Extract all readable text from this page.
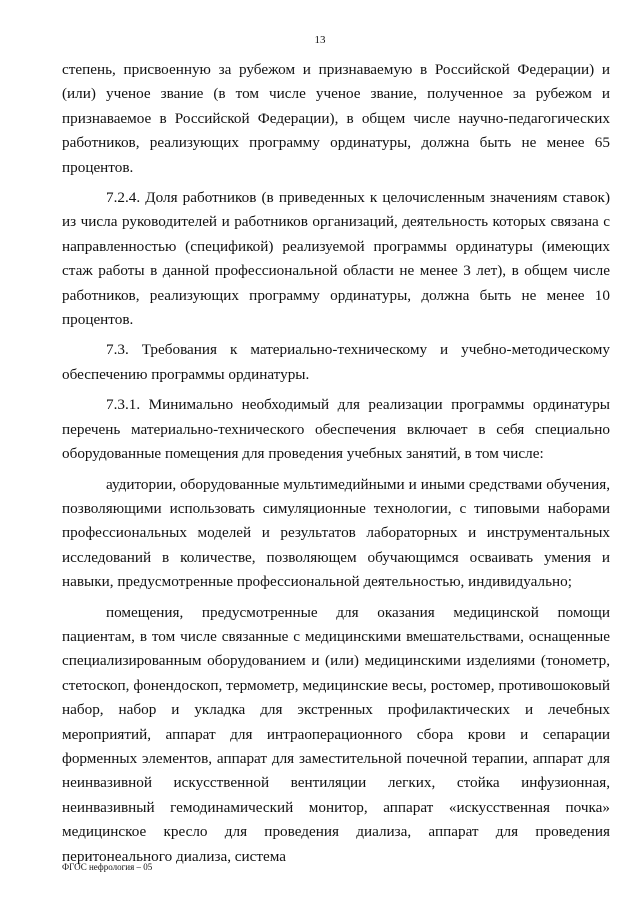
13

степень, присвоенную за рубежом и признаваемую в Российской Федерации) и (или) ученое звание (в том числе ученое звание, полученное за рубежом и признаваемое в Российской Федерации), в общем числе научно-педагогических работников, реализующих программу ординатуры, должна быть не менее 65 процентов.

7.2.4. Доля работников (в приведенных к целочисленным значениям ставок) из числа руководителей и работников организаций, деятельность которых связана с направленностью (спецификой) реализуемой программы ординатуры (имеющих стаж работы в данной профессиональной области не менее 3 лет), в общем числе работников, реализующих программу ординатуры, должна быть не менее 10 процентов.

7.3. Требования к материально-техническому и учебно-методическому обеспечению программы ординатуры.

7.3.1. Минимально необходимый для реализации программы ординатуры перечень материально-технического обеспечения включает в себя специально оборудованные помещения для проведения учебных занятий, в том числе:

аудитории, оборудованные мультимедийными и иными средствами обучения, позволяющими использовать симуляционные технологии, с типовыми наборами профессиональных моделей и результатов лабораторных и инструментальных исследований в количестве, позволяющем обучающимся осваивать умения и навыки, предусмотренные профессиональной деятельностью, индивидуально;

помещения, предусмотренные для оказания медицинской помощи пациентам, в том числе связанные с медицинскими вмешательствами, оснащенные специализированным оборудованием и (или) медицинскими изделиями (тонометр, стетоскоп, фонендоскоп, термометр, медицинские весы, ростомер, противошоковый набор, набор и укладка для экстренных профилактических и лечебных мероприятий, аппарат для интраоперационного сбора крови и сепарации форменных элементов, аппарат для заместительной почечной терапии, аппарат для неинвазивной искусственной вентиляции легких, стойка инфузионная, неинвазивный гемодинамический монитор, аппарат «искусственная почка» медицинское кресло для проведения диализа, аппарат для проведения перитонеального диализа, система

ФГОС нефрология – 05
